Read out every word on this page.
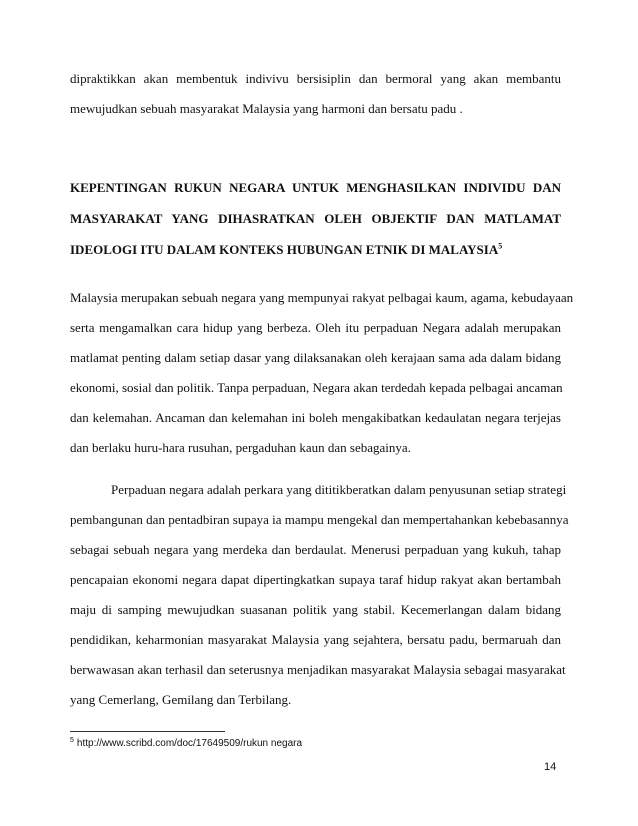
dipraktikkan akan membentuk indivivu bersisiplin dan bermoral yang akan membantu
mewujudkan sebuah masyarakat Malaysia yang harmoni dan bersatu padu .
KEPENTINGAN RUKUN NEGARA UNTUK MENGHASILKAN INDIVIDU DAN
MASYARAKAT YANG DIHASRATKAN OLEH OBJEKTIF DAN MATLAMAT
IDEOLOGI ITU DALAM KONTEKS HUBUNGAN ETNIK DI MALAYSIA$^5$
Malaysia merupakan sebuah negara yang mempunyai rakyat pelbagai kaum, agama, kebudayaan
serta mengamalkan cara hidup yang berbeza. Oleh itu perpaduan Negara adalah merupakan
matlamat penting dalam setiap dasar yang dilaksanakan oleh kerajaan sama ada dalam bidang
ekonomi, sosial dan politik. Tanpa perpaduan, Negara akan terdedah kepada pelbagai ancaman
dan kelemahan. Ancaman dan kelemahan ini boleh mengakibatkan kedaulatan negara terjejas
dan berlaku huru-hara rusuhan, pergaduhan kaun dan sebagainya.
Perpaduan negara adalah perkara yang dititikberatkan dalam penyusunan setiap strategi
pembangunan dan pentadbiran supaya ia mampu mengekal dan mempertahankan kebebasannya
sebagai sebuah negara yang merdeka dan berdaulat. Menerusi perpaduan yang kukuh, tahap
pencapaian ekonomi negara dapat dipertingkatkan supaya taraf hidup rakyat akan bertambah
maju di samping mewujudkan suasanan politik yang stabil. Kecemerlangan dalam bidang
pendidikan, keharmonian masyarakat Malaysia yang sejahtera, bersatu padu, bermaruah dan
berwawasan akan terhasil dan seterusnya menjadikan masyarakat Malaysia sebagai masyarakat
yang Cemerlang, Gemilang dan Terbilang.
$^5$ http://www.scribd.com/doc/17649509/rukun negara
14
